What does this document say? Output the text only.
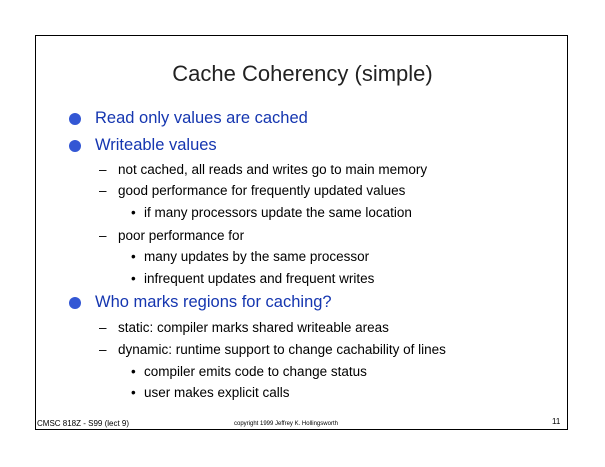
Cache Coherency (simple)
Read only values are cached
Writeable values
– not cached, all reads and writes go to main memory
– good performance for frequently updated values
• if many processors update the same location
– poor performance for
• many updates by the same processor
• infrequent updates and frequent writes
Who marks regions for caching?
– static: compiler marks shared writeable areas
– dynamic: runtime support to change cachability of lines
• compiler emits code to change status
• user makes explicit calls
CMSC 818Z - S99 (lect 9)	copyright 1999 Jeffrey K. Hollingsworth	11
